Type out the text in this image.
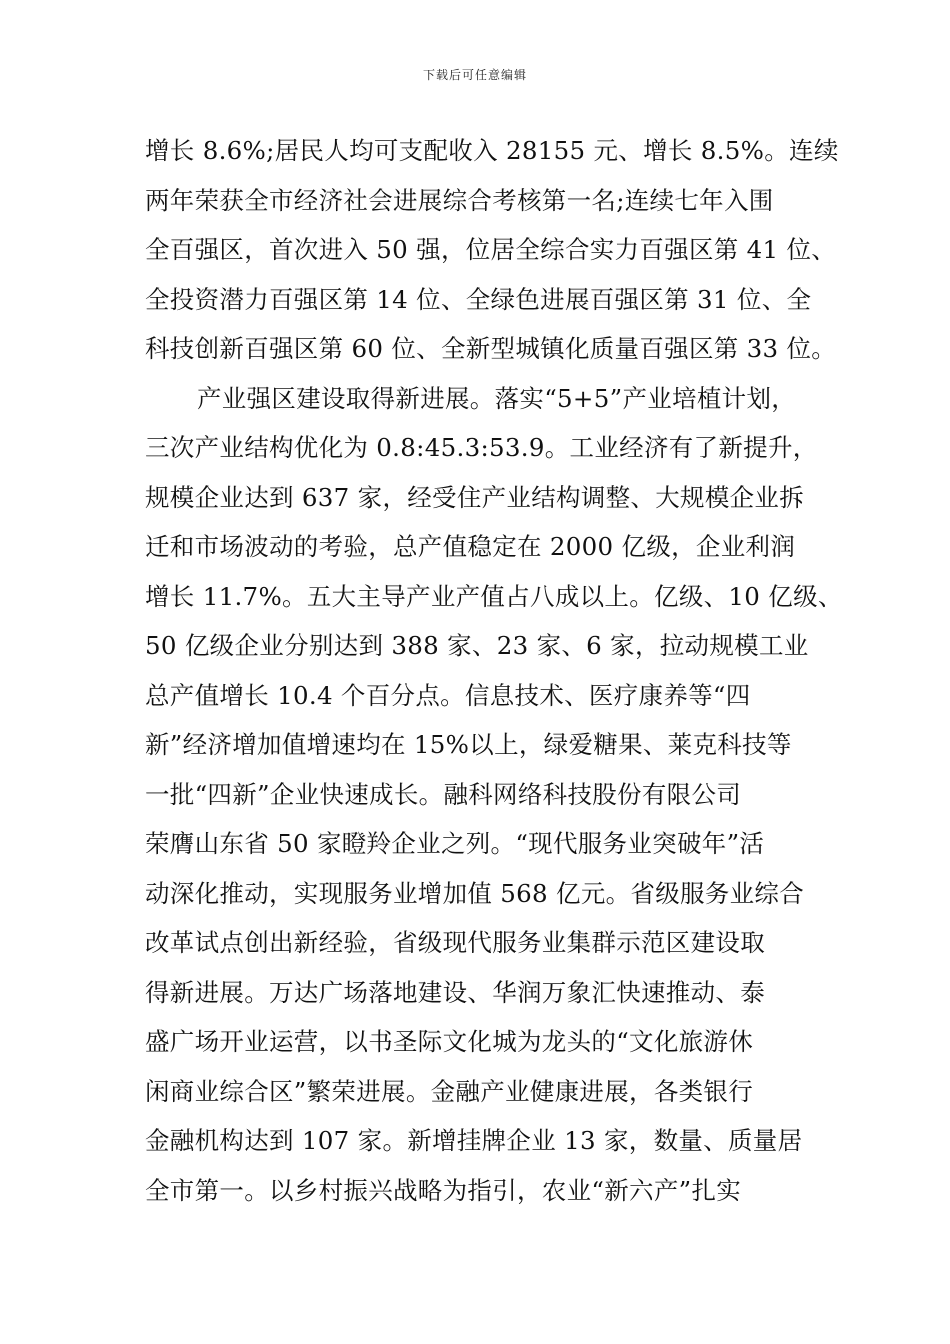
下载后可任意编辑
增长 8.6%;居民人均可支配收入 28155 元、增长 8.5%。连续
两年荣获全市经济社会进展综合考核第一名;连续七年入围
全百强区，首次进入 50 强，位居全综合实力百强区第 41 位、
全投资潜力百强区第 14 位、全绿色进展百强区第 31 位、全
科技创新百强区第 60 位、全新型城镇化质量百强区第 33 位。
产业强区建设取得新进展。落实“5+5”产业培植计划，
三次产业结构优化为 0.8:45.3:53.9。工业经济有了新提升，
规模企业达到 637 家，经受住产业结构调整、大规模企业拆
迁和市场波动的考验，总产值稳定在 2000 亿级，企业利润
增长 11.7%。五大主导产业产值占八成以上。亿级、10 亿级、
50 亿级企业分别达到 388 家、23 家、6 家，拉动规模工业
总产值增长 10.4 个百分点。信息技术、医疗康养等“四
新”经济增加值增速均在 15%以上，绿爱糖果、莱克科技等
一批“四新”企业快速成长。融科网络科技股份有限公司
荣膺山东省 50 家瞪羚企业之列。“现代服务业突破年”活
动深化推动，实现服务业增加值 568 亿元。省级服务业综合
改革试点创出新经验，省级现代服务业集群示范区建设取
得新进展。万达广场落地建设、华润万象汇快速推动、泰
盛广场开业运营，以书圣际文化城为龙头的“文化旅游休
闲商业综合区”繁荣进展。金融产业健康进展，各类银行
金融机构达到 107 家。新增挂牌企业 13 家，数量、质量居
全市第一。以乡村振兴战略为指引，农业“新六产”扎实
